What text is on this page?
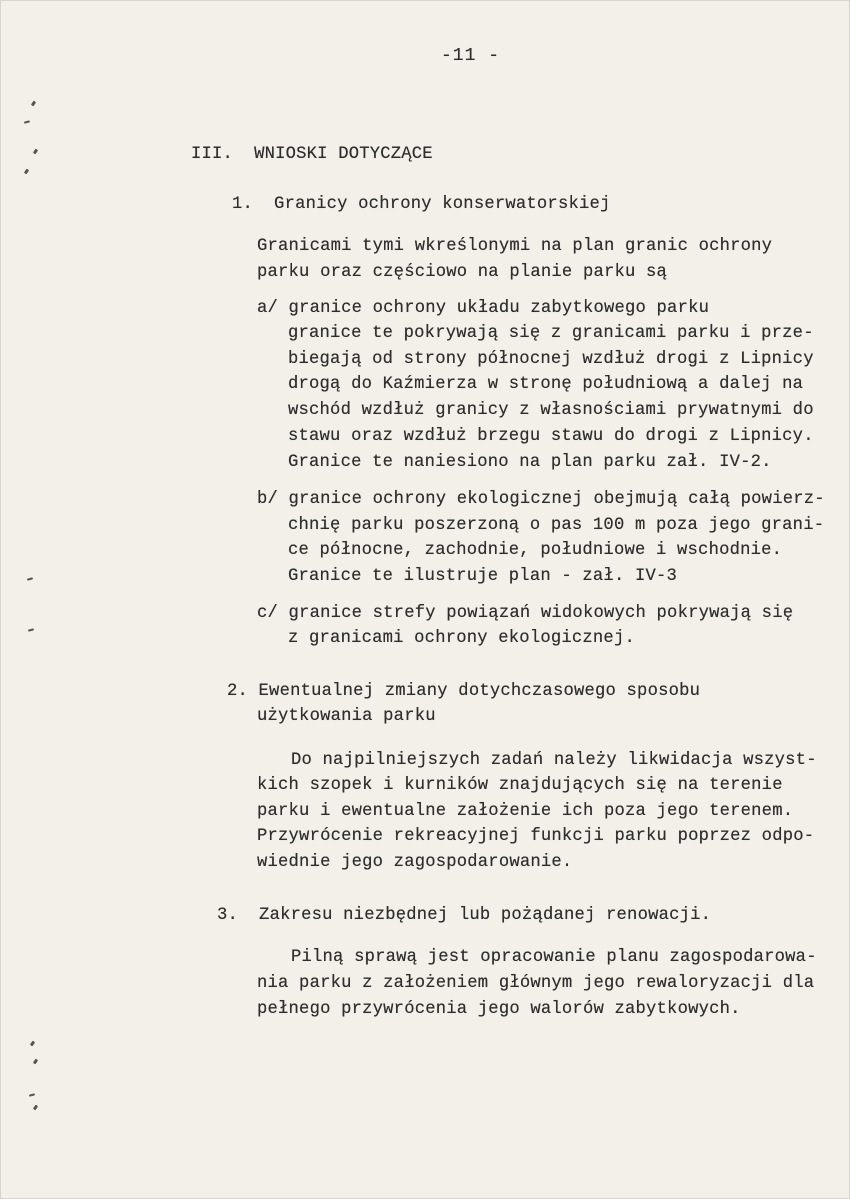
-11 -
III.  WNIOSKI DOTYCZĄCE
1.  Granicy ochrony konserwatorskiej
Granicami tymi wkreślonymi na plan granic ochrony
parku oraz częściowo na planie parku są
a/ granice ochrony układu zabytkowego parku
granice te pokrywają się z granicami parku i prze-
biegają od strony północnej wzdłuż drogi z Lipnicy
drogą do Kaźmierza w stronę południową a dalej na
wschód wzdłuż granicy z własnościami prywatnymi do
stawu oraz wzdłuż brzegu stawu do drogi z Lipnicy.
Granice te naniesiono na plan parku zał. IV-2.
b/ granice ochrony ekologicznej obejmują całą powierz-
chnię parku poszerzoną o pas 100 m poza jego grani-
ce północne, zachodnie, południowe i wschodnie.
Granice te ilustruje plan - zał. IV-3
c/ granice strefy powiązań widokowych pokrywają się
z granicami ochrony ekologicznej.
2. Ewentualnej zmiany dotychczasowego sposobu
użytkowania parku
Do najpilniejszych zadań należy likwidacja wszyst-
kich szopek i kurników znajdujących się na terenie
parku i ewentualne założenie ich poza jego terenem.
Przywrócenie rekreacyjnej funkcji parku poprzez odpo-
wiednie jego zagospodarowanie.
3.  Zakresu niezbędnej lub pożądanej renowacji.
Pilną sprawą jest opracowanie planu zagospodarowa-
nia parku z założeniem głównym jego rewaloryzacji dla
pełnego przywrócenia jego walorów zabytkowych.
